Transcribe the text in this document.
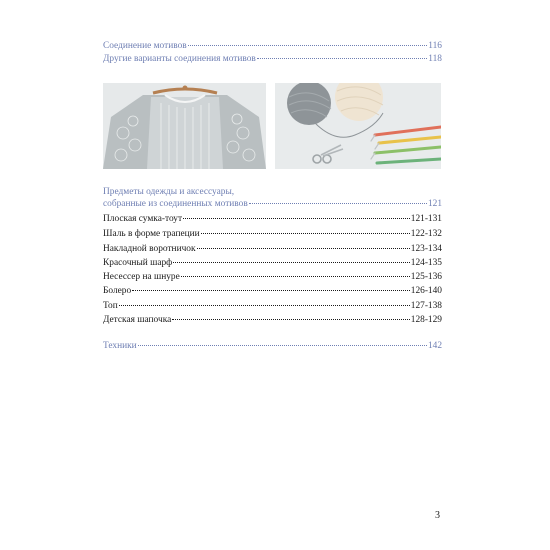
Соединение мотивов	116
Другие варианты соединения мотивов	118
Предметы одежды и аксессуары,
собранные из соединенных мотивов	121
Плоская сумка-тоут	121-131
Шаль в форме трапеции	122-132
Накладной воротничок	123-134
Красочный шарф	124-135
Несессер на шнуре	125-136
Болеро	126-140
Топ	127-138
Детская шапочка	128-129
Техники	142
3
